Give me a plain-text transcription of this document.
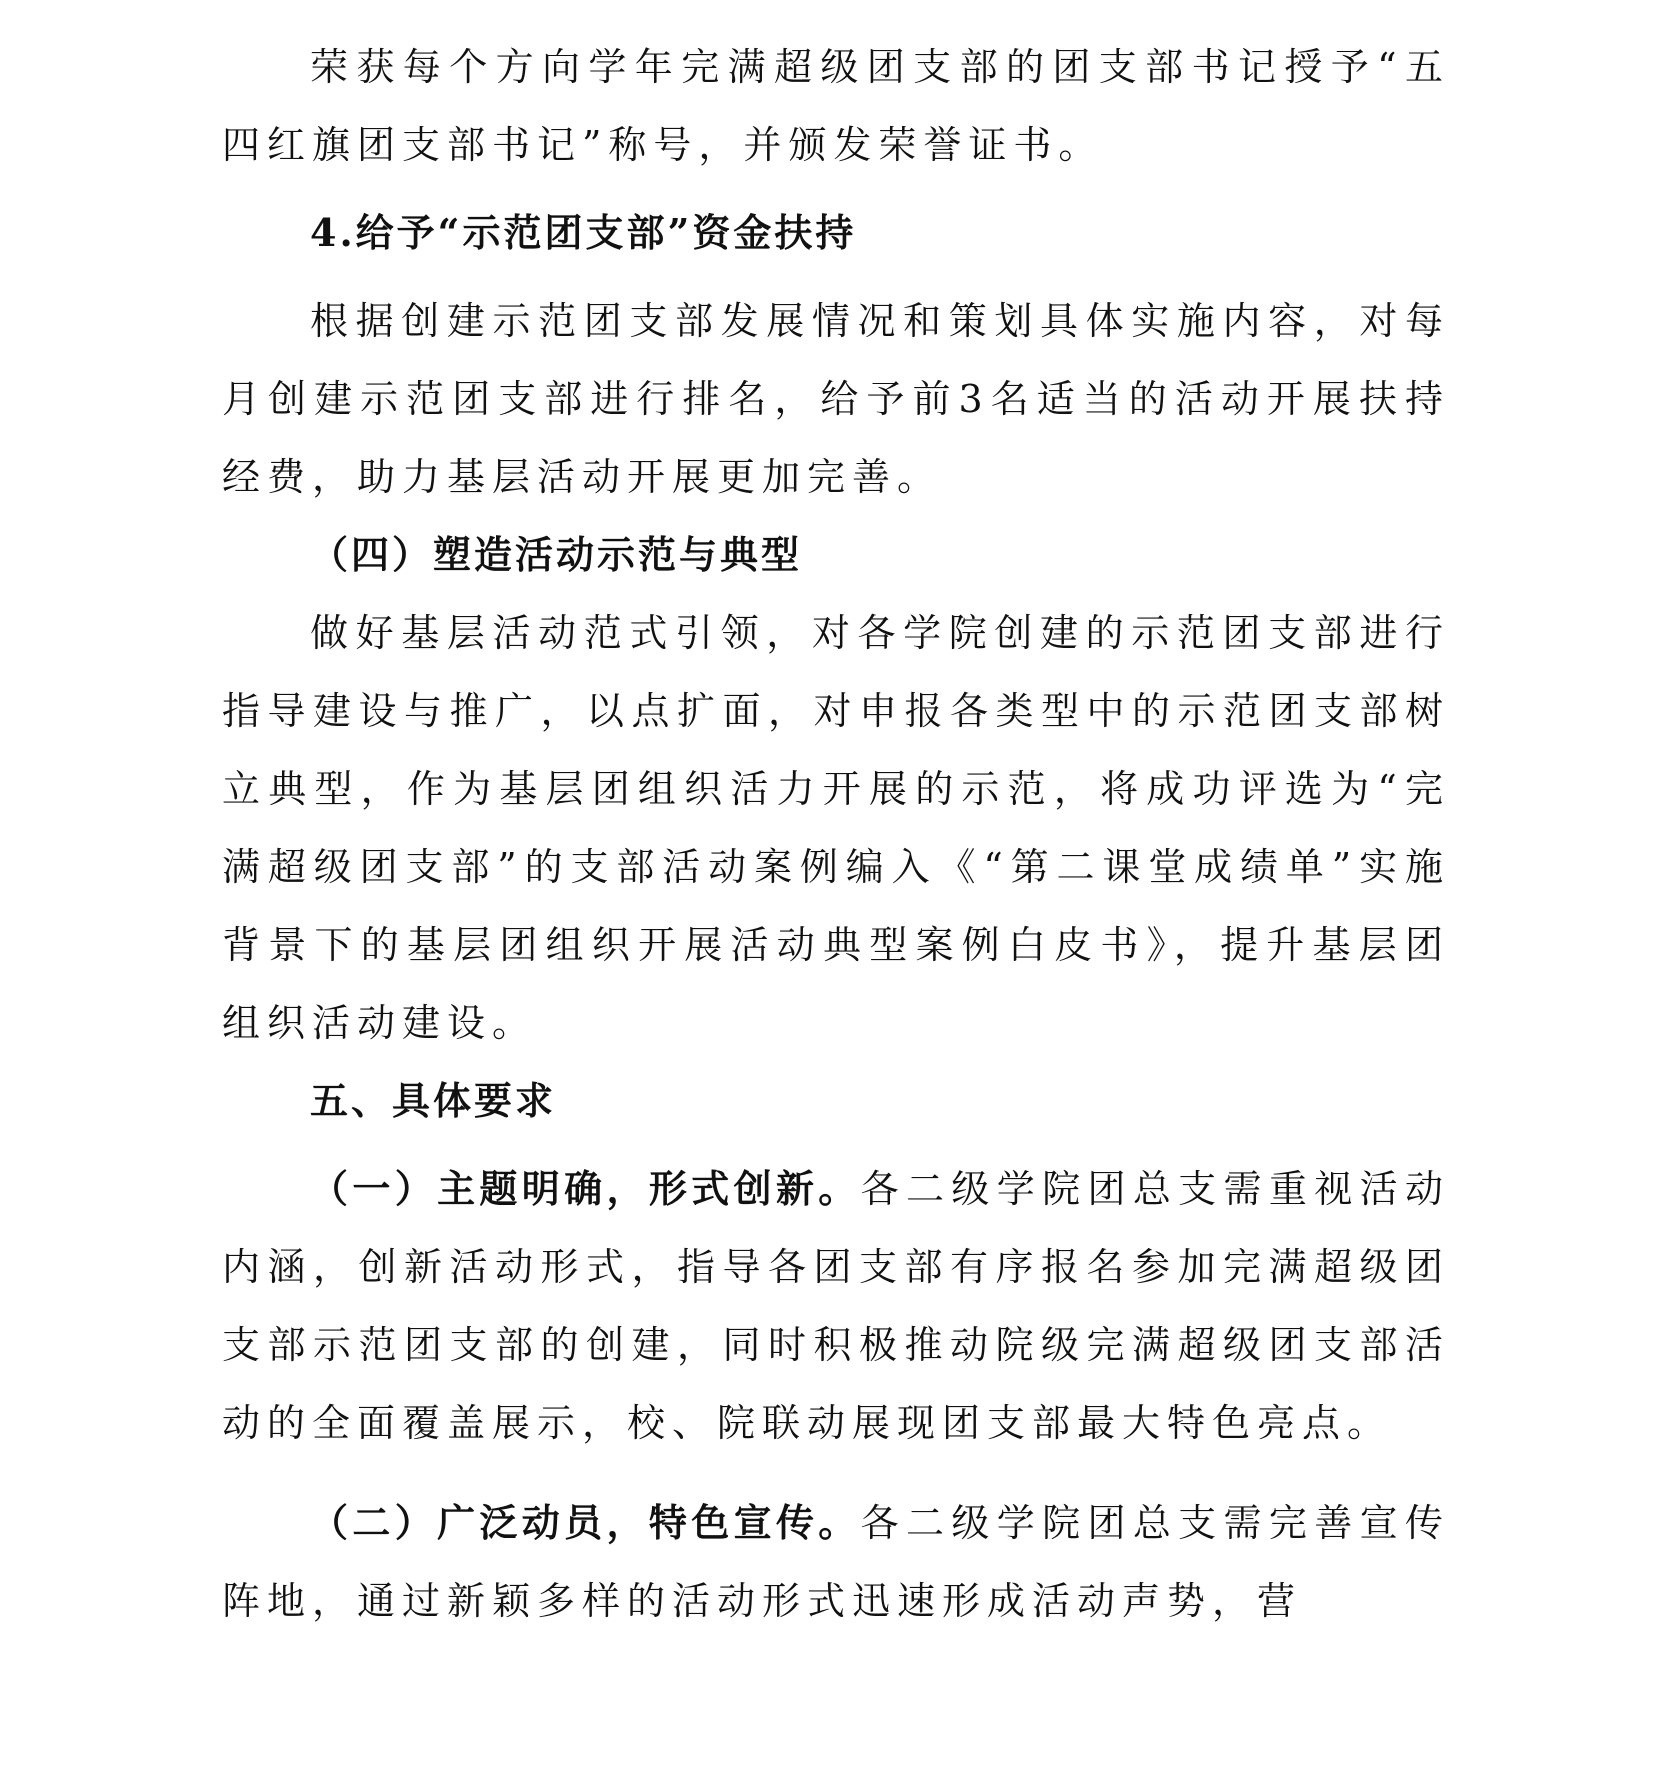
荣获每个方向学年完满超级团支部的团支部书记授予“五四红旗团支部书记”称号，并颁发荣誉证书。

4.给予“示范团支部”资金扶持

根据创建示范团支部发展情况和策划具体实施内容，对每月创建示范团支部进行排名，给予前3名适当的活动开展扶持经费，助力基层活动开展更加完善。

（四）塑造活动示范与典型

做好基层活动范式引领，对各学院创建的示范团支部进行指导建设与推广，以点扩面，对申报各类型中的示范团支部树立典型，作为基层团组织活力开展的示范，将成功评选为“完满超级团支部”的支部活动案例编入《“第二课堂成绩单”实施背景下的基层团组织开展活动典型案例白皮书》，提升基层团组织活动建设。

五、具体要求

（一）主题明确，形式创新。各二级学院团总支需重视活动内涵，创新活动形式，指导各团支部有序报名参加完满超级团支部示范团支部的创建，同时积极推动院级完满超级团支部活动的全面覆盖展示，校、院联动展现团支部最大特色亮点。

（二）广泛动员，特色宣传。各二级学院团总支需完善宣传阵地，通过新颖多样的活动形式迅速形成活动声势，营
